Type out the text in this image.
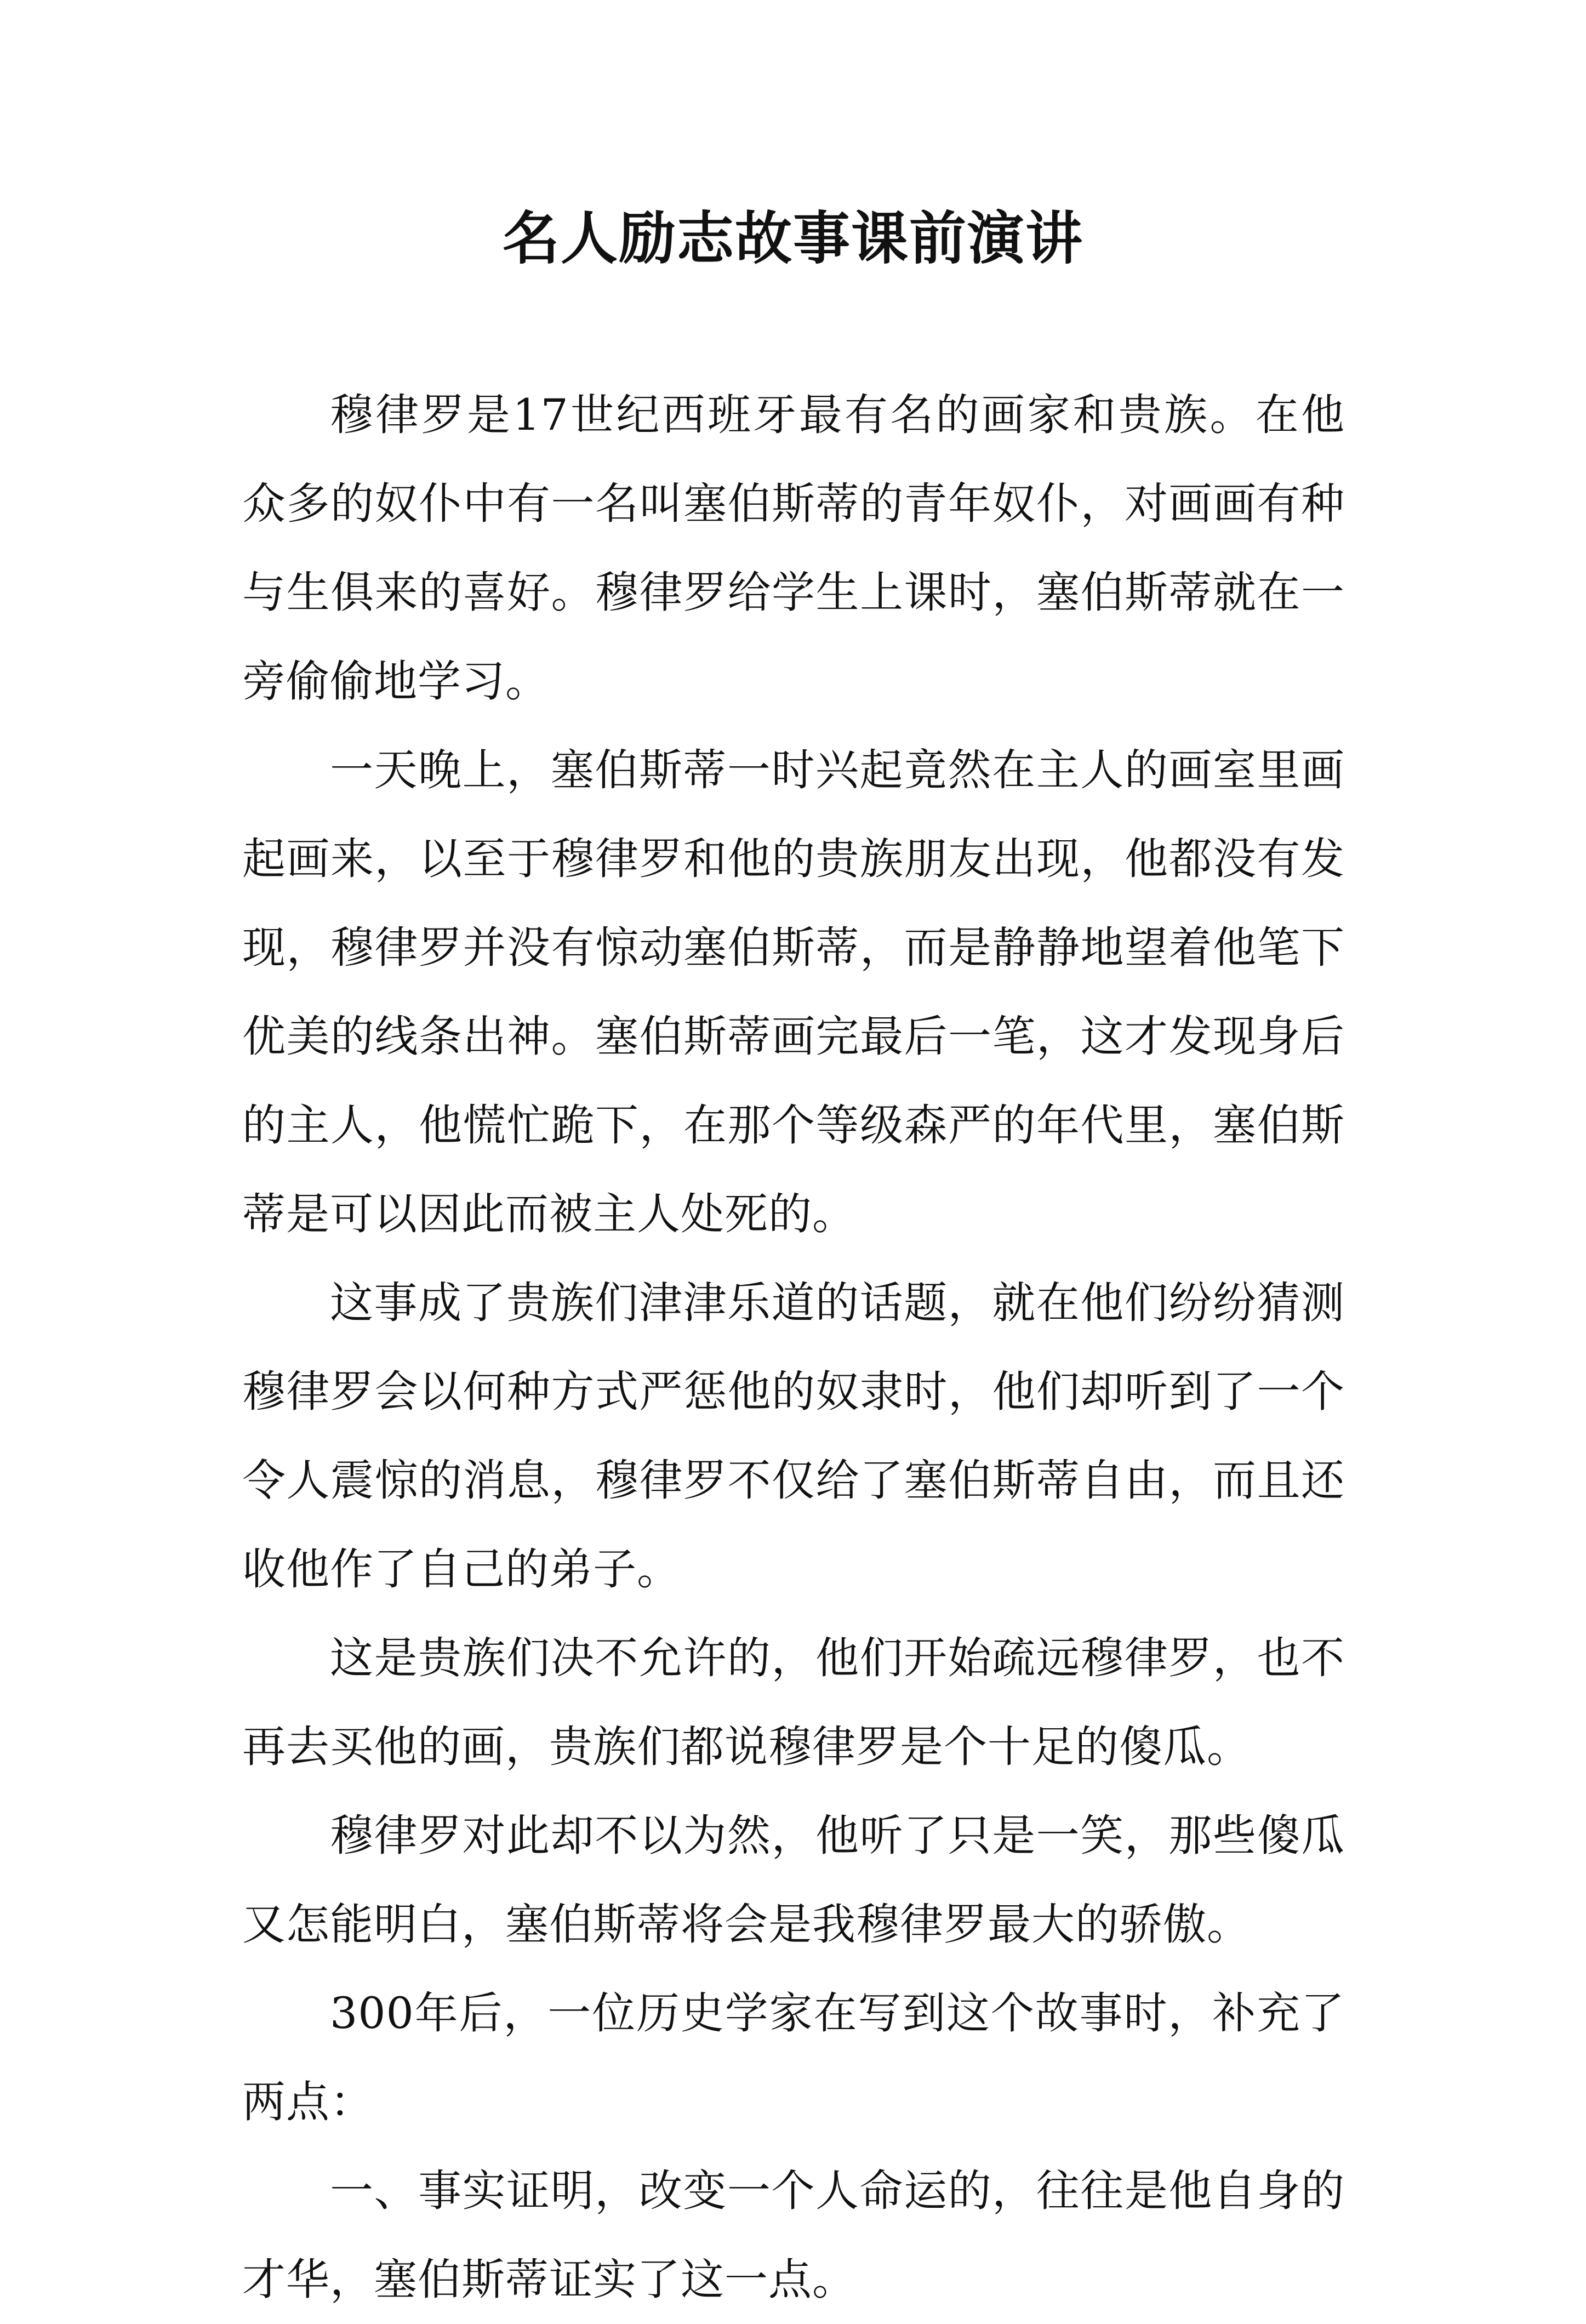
名人励志故事课前演讲

穆律罗是17世纪西班牙最有名的画家和贵族。在他众多的奴仆中有一名叫塞伯斯蒂的青年奴仆，对画画有种与生俱来的喜好。穆律罗给学生上课时，塞伯斯蒂就在一旁偷偷地学习。

一天晚上，塞伯斯蒂一时兴起竟然在主人的画室里画起画来，以至于穆律罗和他的贵族朋友出现，他都没有发现，穆律罗并没有惊动塞伯斯蒂，而是静静地望着他笔下优美的线条出神。塞伯斯蒂画完最后一笔，这才发现身后的主人，他慌忙跪下，在那个等级森严的年代里，塞伯斯蒂是可以因此而被主人处死的。

这事成了贵族们津津乐道的话题，就在他们纷纷猜测穆律罗会以何种方式严惩他的奴隶时，他们却听到了一个令人震惊的消息，穆律罗不仅给了塞伯斯蒂自由，而且还收他作了自己的弟子。

这是贵族们决不允许的，他们开始疏远穆律罗，也不再去买他的画，贵族们都说穆律罗是个十足的傻瓜。

穆律罗对此却不以为然，他听了只是一笑，那些傻瓜又怎能明白，塞伯斯蒂将会是我穆律罗最大的骄傲。

300年后，一位历史学家在写到这个故事时，补充了两点：

一、事实证明，改变一个人命运的，往往是他自身的才华，塞伯斯蒂证实了这一点。
